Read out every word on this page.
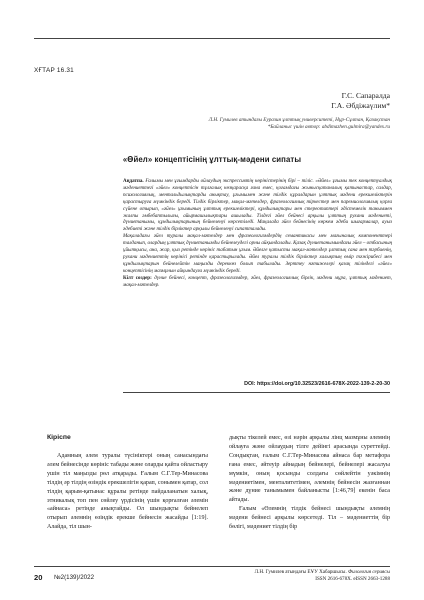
ХҒТАР 16.31
Г.С. Сапаралда
Г.А. Әбдіжаүлим*
Л.Н. Гумилев атындағы Еуразия ұлттық университеті, Нұр-Сұлтан, Қазақстан
*Байланыс үшін автор: abdimazhen.gulmira@yandex.ru
«Өйел» концептісінің ұлттық-мәдени сипаты

Аңдатпа. Ғалымы мен ұғымдарды ойлаудың экспрессивтің көріністерінің бірі – тіліс. «Әйел» ұғымы тек концептуалдық мәдениеттегі «әйел» концептісін тұлғалық көзқарасқа ғана емес, қоғамдағы жынысқатаналық қатынастар, салдар, психологиялық, ментальдылықтарды анықтау, ұғымымен және тілдік құралдарын ұлттық мәдени ерекшеліктерін қарастыруға мүмкіндік береді. Тілдік бірліктер, мақал-мәтелдер, фразеологиялық тіркестер мен паремиологиялық қорға сүйене отырып, «әйел» ұғымының ұлттық ерекшеліктері, құндылықтары мен стереотиптері әдістемелік таныммен жалпы әмбебаптылығы, айырмашылықтары ашылады. Тілдегі әйел бейнесі арқылы ұлттың рухани мәдениеті, дүниетанымы, құндылықтарының бейнеленуі көрсетіледі. Мақалада әйел бейнесінің көркем әдеби шығармалар, ауыз әдебиеті және тілдік бірліктер арқылы бейнеленуі сипатталады.

Мақаладағы әйел туралы мақал-мәтелдер мен фразеологизмдердің семантикасы мен мағыналық компоненттері талданып, олардың ұлттық дүниетанымды бейнелеудегі орны айқындалады. Қазақ дүниетанымындағы әйел – отбасының ұйытқысы, ана, жар, қыз ретінде көрініс табатын ұғым. Әйелге қатысты мақал-мәтелдер ұлттық сана мен тәрбиенің, рухани мәдениеттің көрінісі ретінде қарастырылады. Әйел туралы тілдік бірліктер халықтың өмір тәжірибесі мен құндылықтарын бейнелейтін маңызды дереккөз болып табылады. Зерттеу нәтижелері қазақ тіліндегі «әйел» концептісінің мазмұнын айқындауға мүмкіндік береді.

Кілт сөздер: дүние бейнесі, концепт, фразеологизмдер, әйел, фразеологиялық бірлік, мәдени мұра, ұлттық мәдениет, мақал-мәтелдер.

DOI: https://doi.org/10.32523/2616-678X-2022-139-2-20-30
Кіріспе

Адамның әлем туралы түсініктері оның санасындағы әлем бейнесінде көрініс табады және оларды қайта ойластыру ушін тіл маңызды рөл атқарады. Ғалым С.Г.Тер-Минасова тілдің әр тілдің өзіндік ерекшелігін қарап, сонымен қатар, сол тілдің қарым-қатынас құралы ретінде пайдаланатын халық, этникалық топ пен сөйлеу үрдісінің үшін қорғалған әлемін «айнаса» ретінде анықтайды. Ол шындықты бейнелеп отырып әлемнің өзіндік ерекше бейнесін жасайды [1:19]. Алайда, тіл шын-

дықты тікелей емес, өзі нәрін арқылы лінц мазмұны әлемнің ойлауға және ойлаудың тілге дейінгі арасында суреттейді. Сондықтан, ғалым С.Г.Тер-Минасова айнаса бар метафора ғана емес, әйтеуір айнадың бейнелері, бейнелері жасалуы мүмкін, оның қосынды солдағы сөйлейтін уәкімнің мәдениетімен, менталитетімен, әлемнің бейнесін жазғаннан және дүние танымымен байланысты [1:46,79] екенін баса айтады.

Ғалым «Өлемнің тілдік бейнесі шындықты әлемнің мәдени бейнесі арқылы көрсетеді. Тіл – мәдениеттің бір бөлігі, мәдениет тілдің бір

20 №2(139)/2022
Л.Н. Гумилев атындағы ЕҰУ Хабаршысы. Филология сериясы
ISSN 2616-678X. eISSN 2663-1288
